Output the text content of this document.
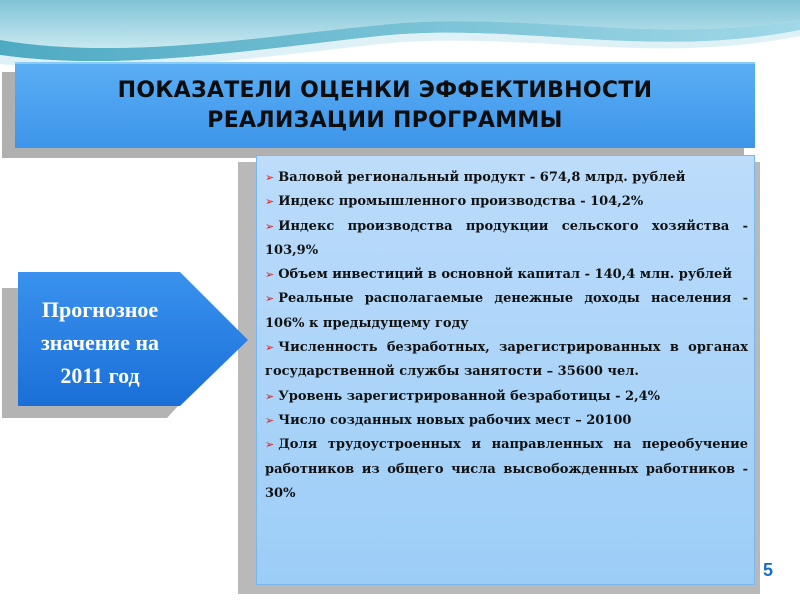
ПОКАЗАТЕЛИ ОЦЕНКИ ЭФФЕКТИВНОСТИ
РЕАЛИЗАЦИИ ПРОГРАММЫ
➢ Валовой региональный продукт - 674,8 млрд. рублей
➢ Индекс промышленного производства - 104,2%
➢ Индекс производства продукции сельского хозяйства - 103,9%
➢ Объем инвестиций в основной капитал - 140,4 млн. рублей
➢ Реальные располагаемые денежные доходы населения - 106% к предыдущему году
➢ Численность безработных, зарегистрированных в органах государственной службы занятости – 35600 чел.
➢ Уровень зарегистрированной безработицы - 2,4%
➢ Число созданных новых рабочих мест – 20100
➢ Доля трудоустроенных и направленных на переобучение работников из общего числа высвобожденных работников - 30%

Прогнозное значение на 2011 год

5
